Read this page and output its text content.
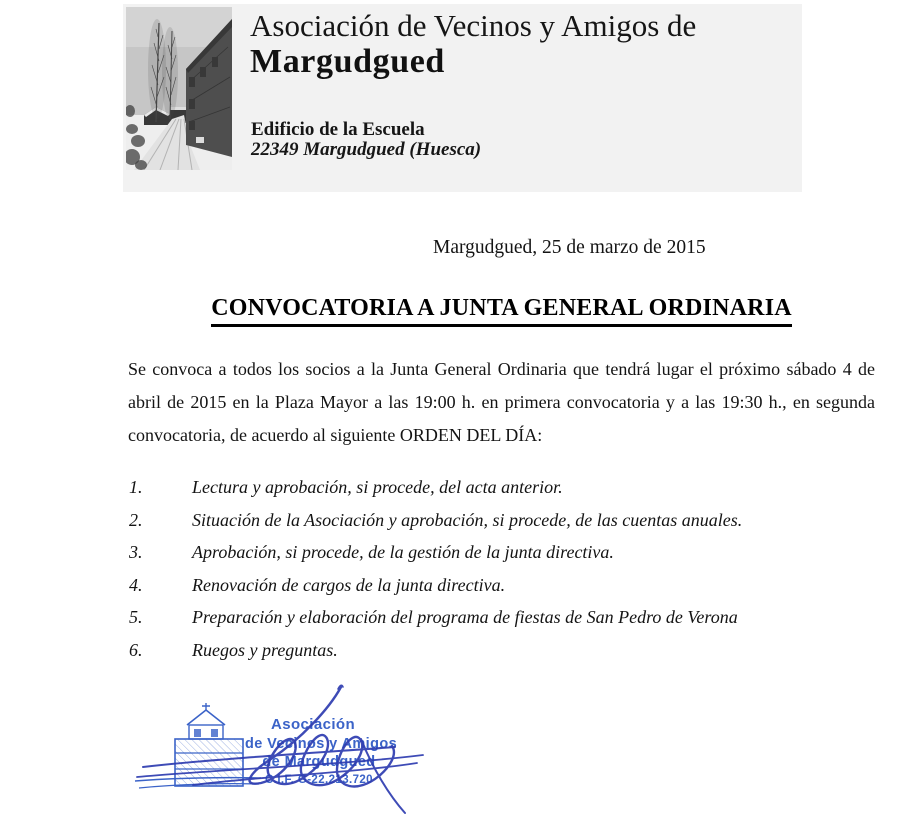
Asociación de Vecinos y Amigos de
Margudgued
Edificio de la Escuela
22349 Margudgued (Huesca)
Margudgued, 25 de marzo de 2015
CONVOCATORIA A JUNTA GENERAL ORDINARIA
Se convoca a todos los socios a la Junta General Ordinaria que tendrá lugar el próximo sábado 4 de abril de 2015 en la Plaza Mayor a las 19:00 h. en primera convocatoria y a las 19:30 h., en segunda convocatoria, de acuerdo al siguiente ORDEN DEL DÍA:
1.	Lectura y aprobación, si procede, del acta anterior.
2.	Situación de la Asociación y aprobación, si procede, de las cuentas anuales.
3.	Aprobación, si procede, de la gestión de la junta directiva.
4.	Renovación de cargos de la junta directiva.
5.	Preparación y elaboración del programa de fiestas de San Pedro de Verona
6.	Ruegos y preguntas.
Asociación
de Vecinos y Amigos
de Margudgued
C.I.F. G-22.213.720
